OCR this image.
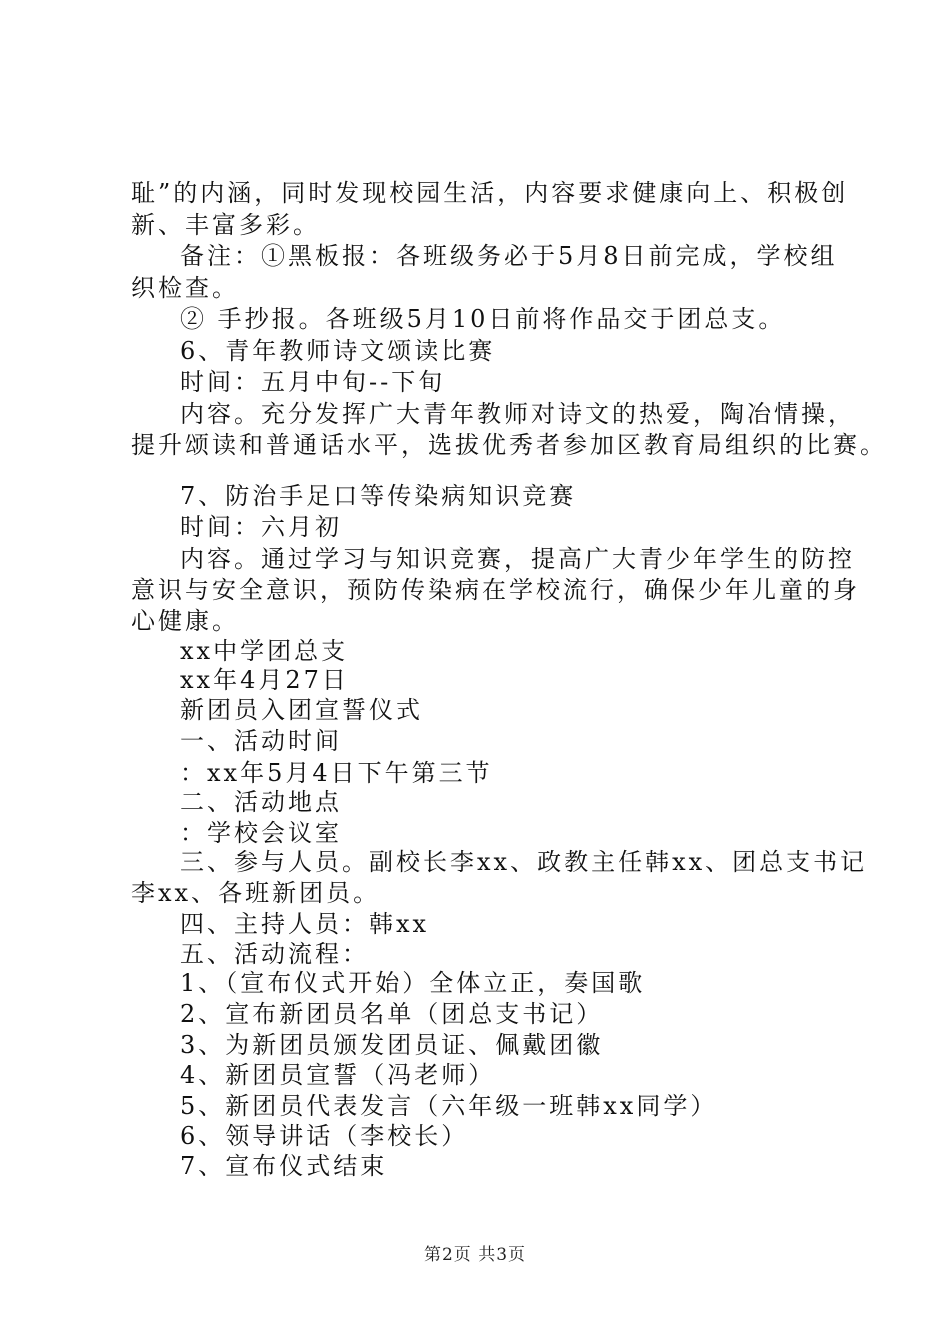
耻”的内涵，同时发现校园生活，内容要求健康向上、积极创
新、丰富多彩。
备注：①黑板报：各班级务必于5月8日前完成，学校组
织检查。
② 手抄报。各班级5月10日前将作品交于团总支。
6、青年教师诗文颂读比赛
时间：五月中旬--下旬
内容。充分发挥广大青年教师对诗文的热爱，陶冶情操，
提升颂读和普通话水平，选拔优秀者参加区教育局组织的比赛。
7、防治手足口等传染病知识竞赛
时间：六月初
内容。通过学习与知识竞赛，提高广大青少年学生的防控
意识与安全意识，预防传染病在学校流行，确保少年儿童的身
心健康。
xx中学团总支
xx年4月27日
新团员入团宣誓仪式
一、活动时间
：xx年5月4日下午第三节
二、活动地点
：学校会议室
三、参与人员。副校长李xx、政教主任韩xx、团总支书记
李xx、各班新团员。
四、主持人员：韩xx
五、活动流程：
1、（宣布仪式开始）全体立正，奏国歌
2、宣布新团员名单（团总支书记）
3、为新团员颁发团员证、佩戴团徽
4、新团员宣誓（冯老师）
5、新团员代表发言（六年级一班韩xx同学）
6、领导讲话（李校长）
7、宣布仪式结束
第2页 共3页
